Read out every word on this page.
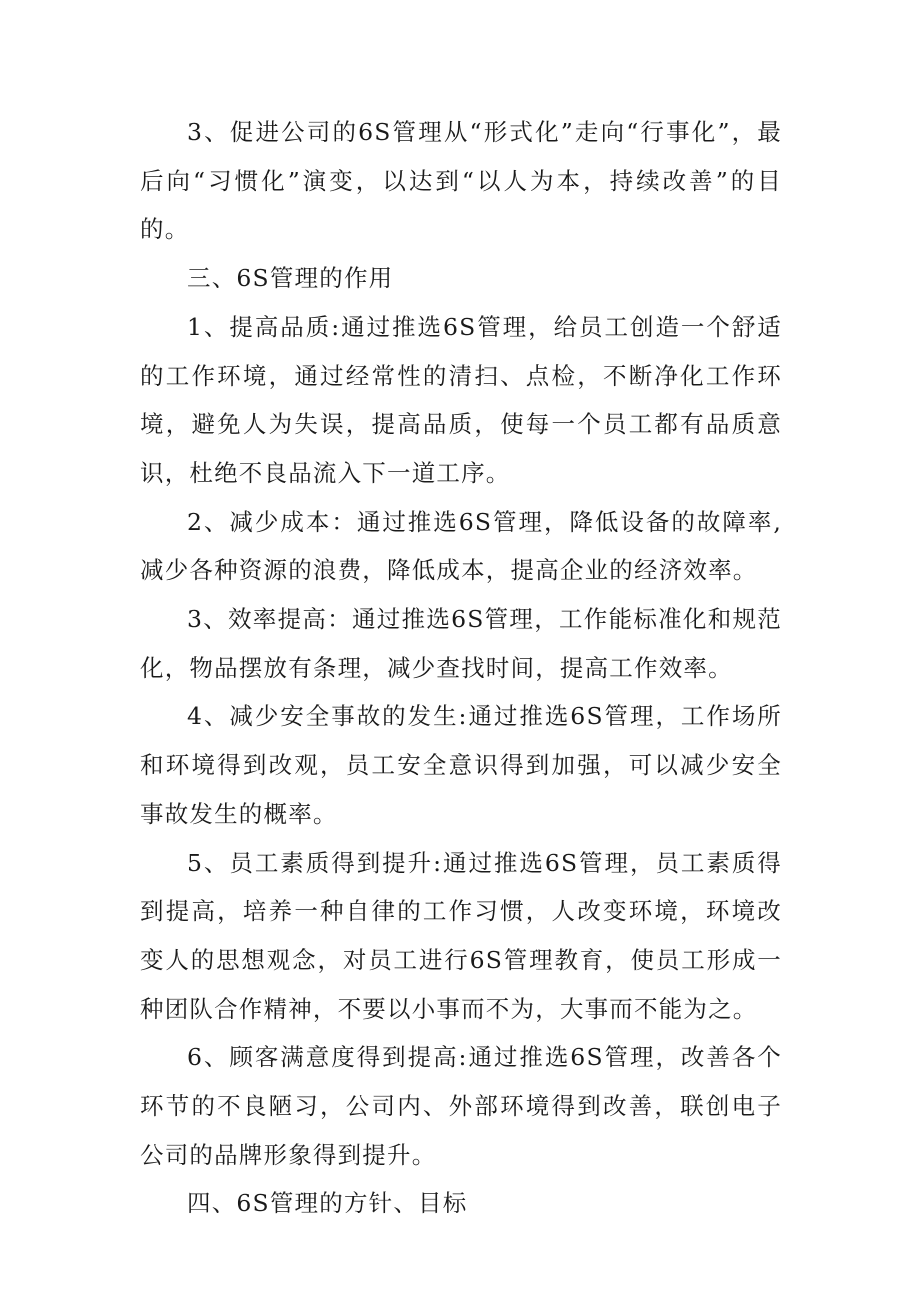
3、促进公司的6S管理从“形式化”走向“行事化”，最后向“习惯化”演变，以达到“以人为本，持续改善”的目的。

三、6S管理的作用

1、提高品质:通过推选6S管理，给员工创造一个舒适的工作环境，通过经常性的清扫、点检，不断净化工作环境，避免人为失误，提高品质，使每一个员工都有品质意识，杜绝不良品流入下一道工序。

2、减少成本：通过推选6S管理，降低设备的故障率,减少各种资源的浪费，降低成本，提高企业的经济效率。

3、效率提高：通过推选6S管理，工作能标准化和规范化，物品摆放有条理，减少查找时间，提高工作效率。

4、减少安全事故的发生:通过推选6S管理，工作场所和环境得到改观，员工安全意识得到加强，可以减少安全事故发生的概率。

5、员工素质得到提升:通过推选6S管理，员工素质得到提高，培养一种自律的工作习惯，人改变环境，环境改变人的思想观念，对员工进行6S管理教育，使员工形成一种团队合作精神，不要以小事而不为，大事而不能为之。

6、顾客满意度得到提高:通过推选6S管理，改善各个环节的不良陋习，公司内、外部环境得到改善，联创电子公司的品牌形象得到提升。

四、6S管理的方针、目标
